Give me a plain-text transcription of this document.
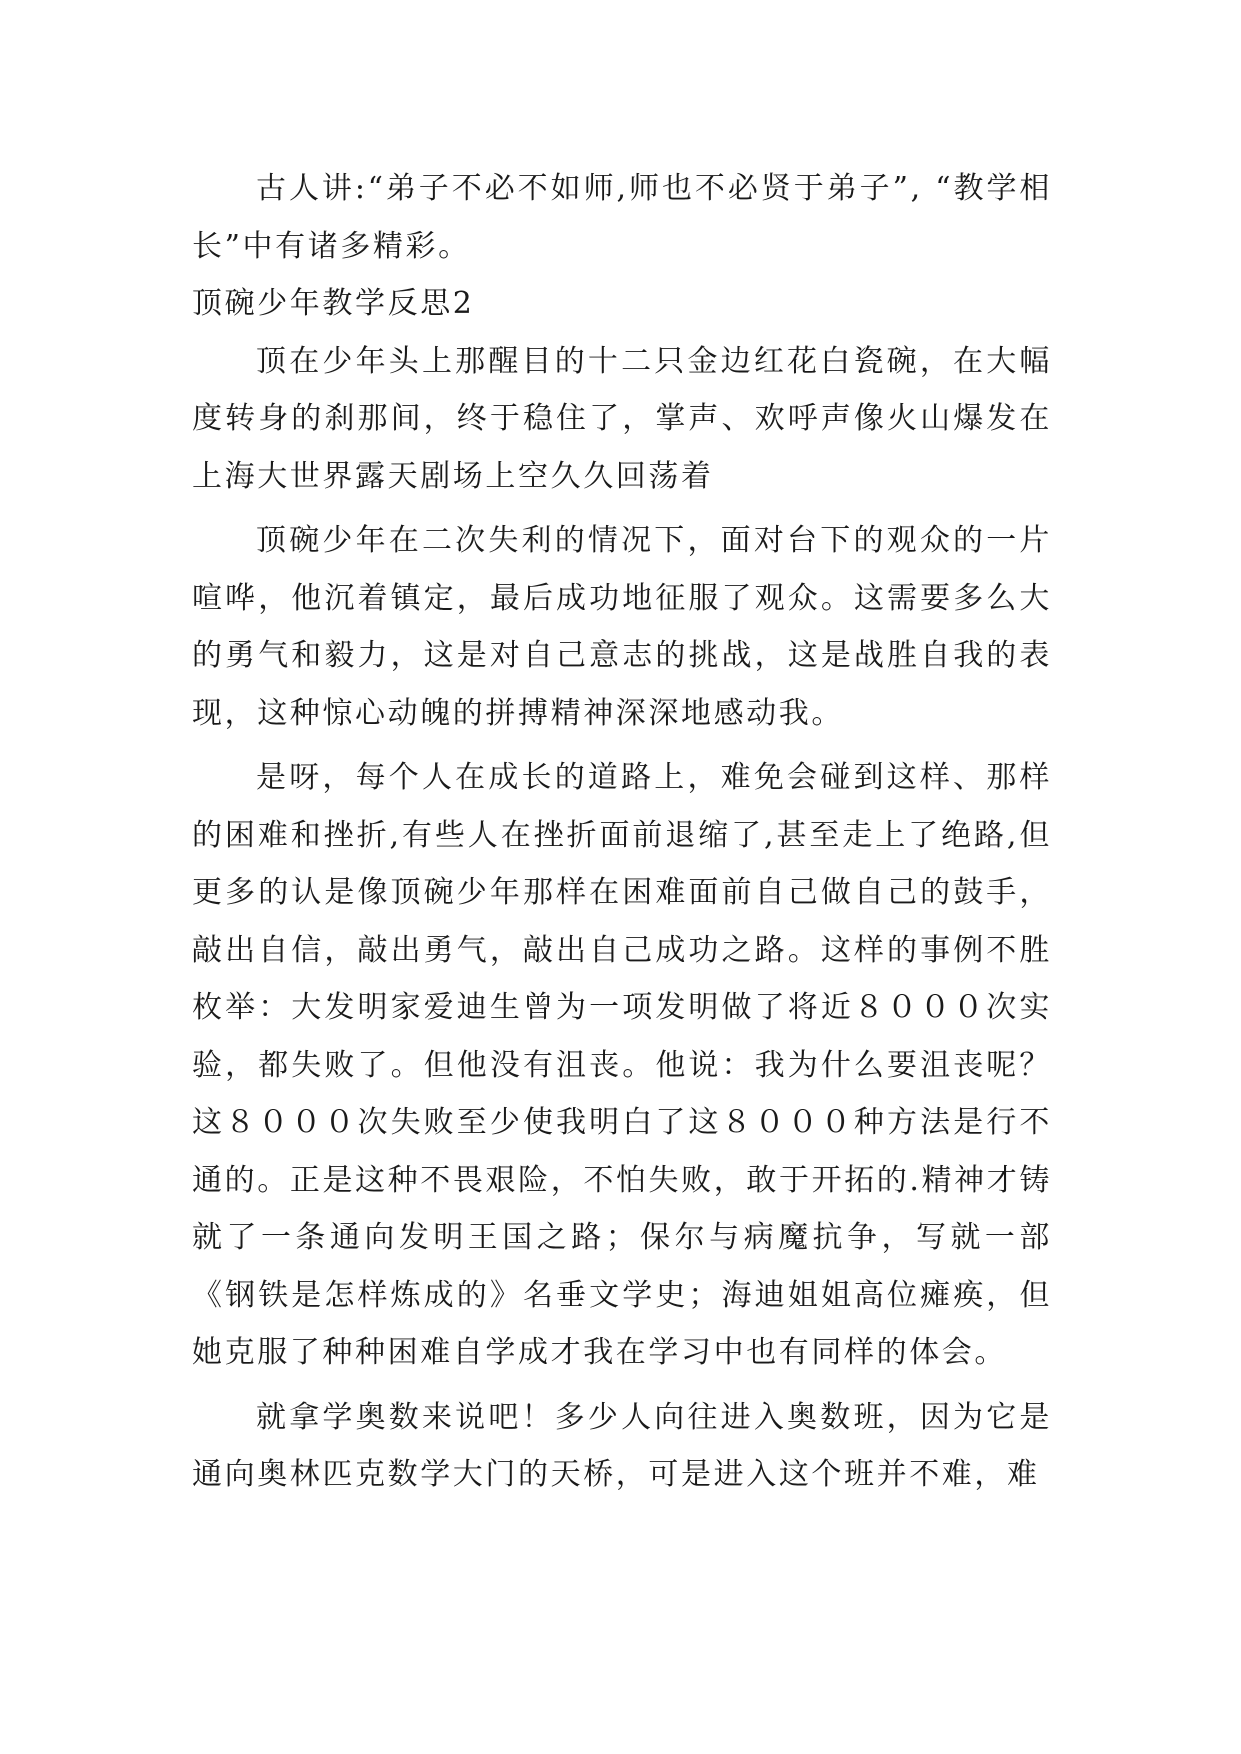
古人讲:“弟子不必不如师,师也不必贤于弟子”, “教学相长”中有诸多精彩。

顶碗少年教学反思2

顶在少年头上那醒目的十二只金边红花白瓷碗，在大幅度转身的刹那间，终于稳住了，掌声、欢呼声像火山爆发在上海大世界露天剧场上空久久回荡着

顶碗少年在二次失利的情况下，面对台下的观众的一片喧哗，他沉着镇定，最后成功地征服了观众。这需要多么大的勇气和毅力，这是对自己意志的挑战，这是战胜自我的表现，这种惊心动魄的拼搏精神深深地感动我。

是呀，每个人在成长的道路上，难免会碰到这样、那样的困难和挫折,有些人在挫折面前退缩了,甚至走上了绝路,但更多的认是像顶碗少年那样在困难面前自己做自己的鼓手，敲出自信，敲出勇气，敲出自己成功之路。这样的事例不胜枚举：大发明家爱迪生曾为一项发明做了将近８０００次实验，都失败了。但他没有沮丧。他说：我为什么要沮丧呢？这８０００次失败至少使我明白了这８０００种方法是行不通的。正是这种不畏艰险，不怕失败，敢于开拓的.精神才铸就了一条通向发明王国之路；保尔与病魔抗争，写就一部《钢铁是怎样炼成的》名垂文学史；海迪姐姐高位瘫痪，但她克服了种种困难自学成才我在学习中也有同样的体会。

就拿学奥数来说吧！多少人向往进入奥数班，因为它是通向奥林匹克数学大门的天桥，可是进入这个班并不难，难
